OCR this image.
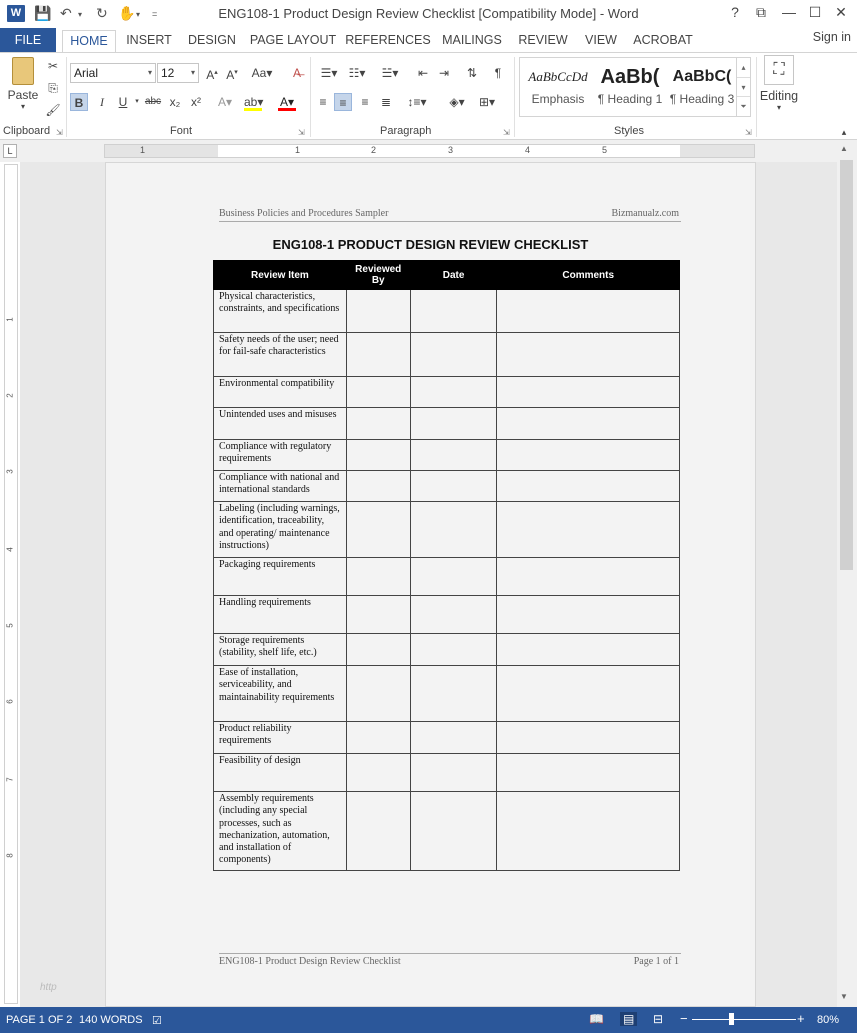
W 💾 ↶ ▾ ↻ ✋ ▾ =	ENG108-1 Product Design Review Checklist [Compatibility Mode] - Word	?	⧉	— ☐ ✕
FILE	HOME	INSERT	DESIGN	PAGE LAYOUT REFERENCES MAILINGS	REVIEW	VIEW	ACROBAT	Sign in
Paste
▾
✂
⎘
🖌
Clipboard ⇲
Arial	▾ 12 ▾ A▴ A▾ Aa▾	A̶
B	I	U	▾ abc x₂ x²	A▾ ab▾ A▾
Font	⇲
☰▾ ☷▾	☱▾	⇤ ⇥	⇅	¶
≡	≡	≡	≣	↕≡▾	◈▾	⊞▾
Paragraph	⇲
AaBbCcDd
Emphasis
AaBb(
¶ Heading 1
AaBbC(
¶ Heading 3
▴
▾
⏷
Styles	⇲
⛶
Editing
▾
▴
L	1	1	2	3	4	5
1
2
3
4
5
6
7
8
Business Policies and Procedures Sampler	Bizmanualz.com
ENG108-1 PRODUCT DESIGN REVIEW CHECKLIST
Review Item	Reviewed By	Date	Comments
Physical characteristics, constraints, and specifications			
Safety needs of the user; need for fail-safe characteristics			
Environmental compatibility			
Unintended uses and misuses			
Compliance with regulatory requirements			
Compliance with national and international standards			
Labeling (including warnings, identification, traceability, and operating/ maintenance instructions)			
Packaging requirements			
Handling requirements			
Storage requirements (stability, shelf life, etc.)			
Ease of installation, serviceability, and maintainability requirements			
Product reliability requirements			
Feasibility of design			
Assembly requirements (including any special processes, such as mechanization, automation, and installation of components)			
ENG108-1 Product Design Review Checklist	Page 1 of 1
http
▲
▼
PAGE 1 OF 2 140 WORDS ☑	📖 ▤ ⊟ −	+ 80%
